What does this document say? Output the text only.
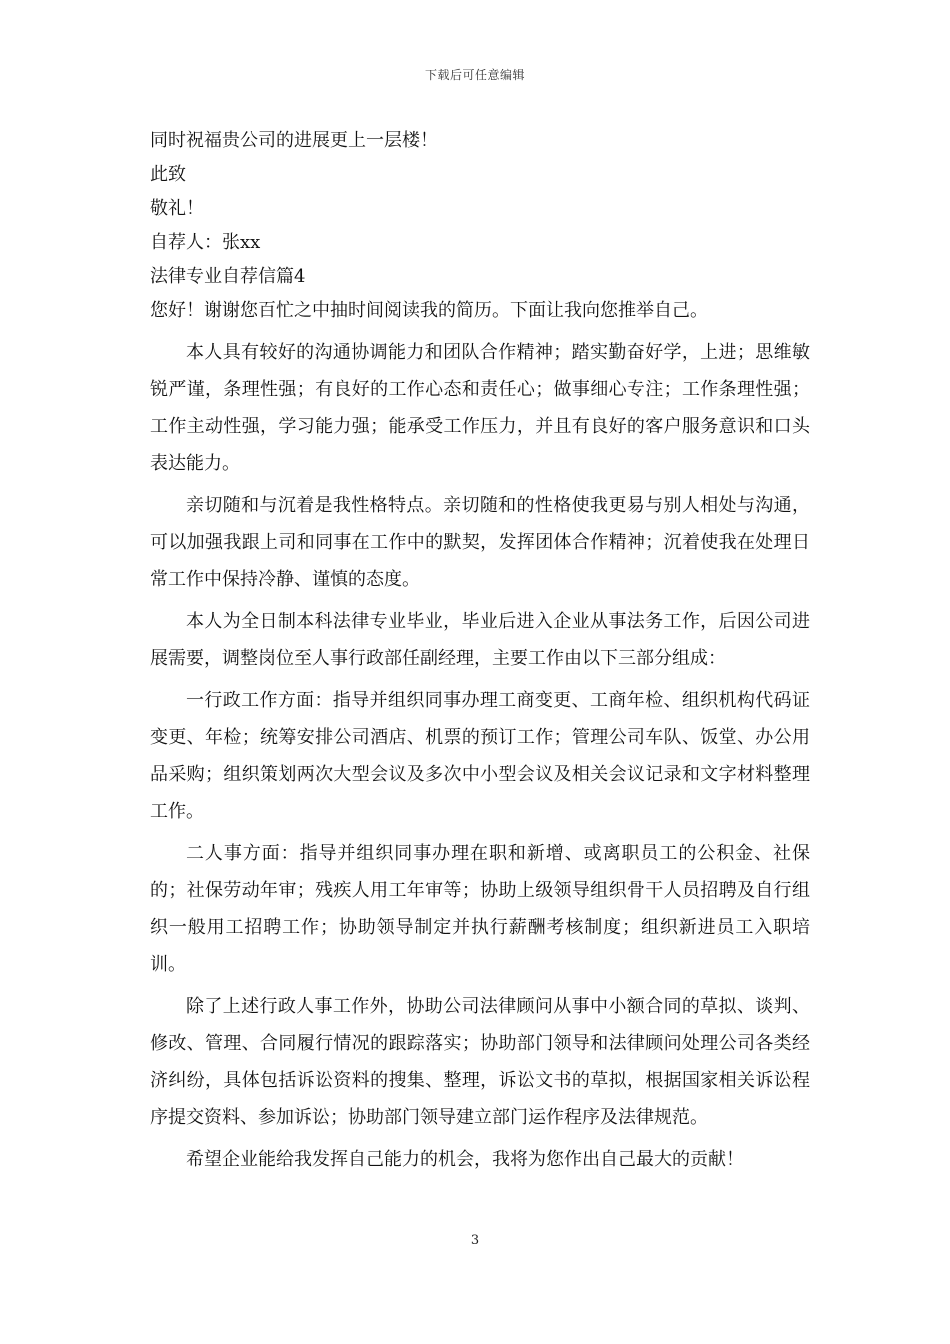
下载后可任意编辑

同时祝福贵公司的进展更上一层楼！

此致

敬礼！

自荐人：张xx

法律专业自荐信篇4

您好！谢谢您百忙之中抽时间阅读我的简历。下面让我向您推举自己。

本人具有较好的沟通协调能力和团队合作精神；踏实勤奋好学，上进；思维敏锐严谨，条理性强；有良好的工作心态和责任心；做事细心专注；工作条理性强；工作主动性强，学习能力强；能承受工作压力，并且有良好的客户服务意识和口头表达能力。

亲切随和与沉着是我性格特点。亲切随和的性格使我更易与别人相处与沟通，可以加强我跟上司和同事在工作中的默契，发挥团体合作精神；沉着使我在处理日常工作中保持冷静、谨慎的态度。

本人为全日制本科法律专业毕业，毕业后进入企业从事法务工作，后因公司进展需要，调整岗位至人事行政部任副经理，主要工作由以下三部分组成：

一行政工作方面：指导并组织同事办理工商变更、工商年检、组织机构代码证变更、年检；统筹安排公司酒店、机票的预订工作；管理公司车队、饭堂、办公用品采购；组织策划两次大型会议及多次中小型会议及相关会议记录和文字材料整理工作。

二人事方面：指导并组织同事办理在职和新增、或离职员工的公积金、社保的；社保劳动年审；残疾人用工年审等；协助上级领导组织骨干人员招聘及自行组织一般用工招聘工作；协助领导制定并执行薪酬考核制度；组织新进员工入职培训。

除了上述行政人事工作外，协助公司法律顾问从事中小额合同的草拟、谈判、修改、管理、合同履行情况的跟踪落实；协助部门领导和法律顾问处理公司各类经济纠纷，具体包括诉讼资料的搜集、整理，诉讼文书的草拟，根据国家相关诉讼程序提交资料、参加诉讼；协助部门领导建立部门运作程序及法律规范。

希望企业能给我发挥自己能力的机会，我将为您作出自己最大的贡献！

3
